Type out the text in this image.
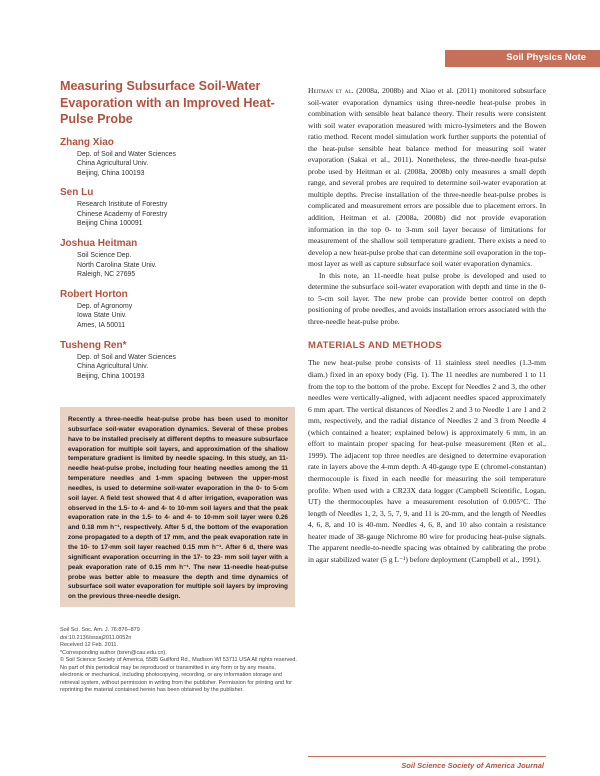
Soil Physics Note
Measuring Subsurface Soil-Water Evaporation with an Improved Heat-Pulse Probe
Zhang Xiao
Dep. of Soil and Water Sciences
China Agricultural Univ.
Beijing, China 100193
Sen Lu
Research Institute of Forestry
Chinese Academy of Forestry
Beijing China 100091
Joshua Heitman
Soil Science Dep.
North Carolina State Univ.
Raleigh, NC 27695
Robert Horton
Dep. of Agronomy
Iowa State Univ.
Ames, IA 50011
Tusheng Ren*
Dep. of Soil and Water Sciences
China Agricultural Univ.
Beijing, China 100193

Recently a three-needle heat-pulse probe has been used to monitor subsurface soil-water evaporation dynamics. Several of these probes have to be installed precisely at different depths to measure subsurface evaporation for multiple soil layers, and approximation of the shallow temperature gradient is limited by needle spacing. In this study, an 11-needle heat-pulse probe, including four heating needles among the 11 temperature needles and 1-mm spacing between the upper-most needles, is used to determine soil-water evaporation in the 0- to 5-cm soil layer. A field test showed that 4 d after irrigation, evaporation was observed in the 1.5- to 4- and 4- to 10-mm soil layers and that the peak evaporation rate in the 1.5- to 4- and 4- to 10-mm soil layer were 0.26 and 0.18 mm h⁻¹, respectively. After 5 d, the bottom of the evaporation zone propagated to a depth of 17 mm, and the peak evaporation rate in the 10- to 17-mm soil layer reached 0.15 mm h⁻¹. After 6 d, there was significant evaporation occurring in the 17- to 23- mm soil layer with a peak evaporation rate of 0.15 mm h⁻¹. The new 11-needle heat-pulse probe was better able to measure the depth and time dynamics of subsurface soil water evaporation for multiple soil layers by improving on the previous three-needle design.

Soil Sci. Soc. Am. J. 76:876–879
doi:10.2136/sssaj2011.0052n
Received 12 Feb. 2011.
*Corresponding author (tsren@cau.edu.cn).
© Soil Science Society of America, 5585 Guilford Rd., Madison WI 53711 USA All rights reserved. No part of this periodical may be reproduced or transmitted in any form or by any means, electronic or mechanical, including photocopying, recording, or any information storage and retrieval system, without permission in writing from the publisher. Permission for printing and for reprinting the material contained herein has been obtained by the publisher.

Heitman et al. (2008a, 2008b) and Xiao et al. (2011) monitored subsurface soil-water evaporation dynamics using three-needle heat-pulse probes in combination with sensible heat balance theory. Their results were consistent with soil water evaporation measured with micro-lysimeters and the Bowen ratio method. Recent model simulation work further supports the potential of the heat-pulse sensible heat balance method for measuring soil water evaporation (Sakai et al., 2011). Nonetheless, the three-needle heat-pulse probe used by Heitman et al. (2008a, 2008b) only measures a small depth range, and several probes are required to determine soil-water evaporation at multiple depths. Precise installation of the three-needle heat-pulse probes is complicated and measurement errors are possible due to placement errors. In addition, Heitman et al. (2008a, 2008b) did not provide evaporation information in the top 0- to 3-mm soil layer because of limitations for measurement of the shallow soil temperature gradient. There exists a need to develop a new heat-pulse probe that can determine soil evaporation in the top-most layer as well as capture subsurface soil water evaporation dynamics.

In this note, an 11-needle heat pulse probe is developed and used to determine the subsurface soil-water evaporation with depth and time in the 0- to 5-cm soil layer. The new probe can provide better control on depth positioning of probe needles, and avoids installation errors associated with the three-needle heat-pulse probe.

MATERIALS AND METHODS

The new heat-pulse probe consists of 11 stainless steel needles (1.3-mm diam.) fixed in an epoxy body (Fig. 1). The 11 needles are numbered 1 to 11 from the top to the bottom of the probe. Except for Needles 2 and 3, the other needles were vertically-aligned, with adjacent needles spaced approximately 6 mm apart. The vertical distances of Needles 2 and 3 to Needle 1 are 1 and 2 mm, respectively, and the radial distance of Needles 2 and 3 from Needle 4 (which contained a heater; explained below) is approximately 6 mm, in an effort to maintain proper spacing for heat-pulse measurement (Ren et al., 1999). The adjacent top three needles are designed to determine evaporation rate in layers above the 4-mm depth. A 40-gauge type E (chromel-constantan) thermocouple is fixed in each needle for measuring the soil temperature profile. When used with a CR23X data logger (Campbell Scientific, Logan, UT) the thermocouples have a measurement resolution of 0.005°C. The length of Needles 1, 2, 3, 5, 7, 9, and 11 is 20-mm, and the length of Needles 4, 6, 8, and 10 is 40-mm. Needles 4, 6, 8, and 10 also contain a resistance heater made of 38-gauge Nichrome 80 wire for producing heat-pulse signals. The apparent needle-to-needle spacing was obtained by calibrating the probe in agar stabilized water (5 g L⁻¹) before deployment (Campbell et al., 1991).

Soil Science Society of America Journal
